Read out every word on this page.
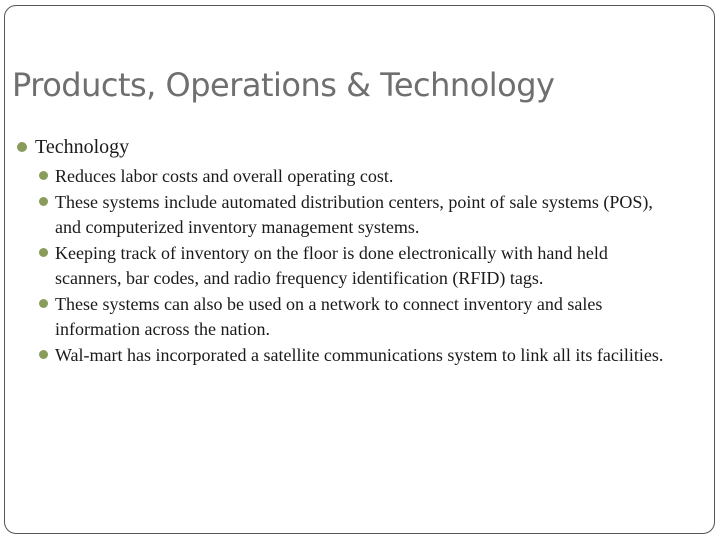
Products, Operations & Technology
Technology
Reduces labor costs and overall operating cost.
These systems include automated distribution centers, point of sale systems (POS), and computerized inventory management systems.
Keeping track of inventory on the floor is done electronically with hand held scanners, bar codes, and radio frequency identification (RFID) tags.
These systems can also be used on a network to connect inventory and sales information across the nation.
Wal-mart has incorporated a satellite communications system to link all its facilities.
